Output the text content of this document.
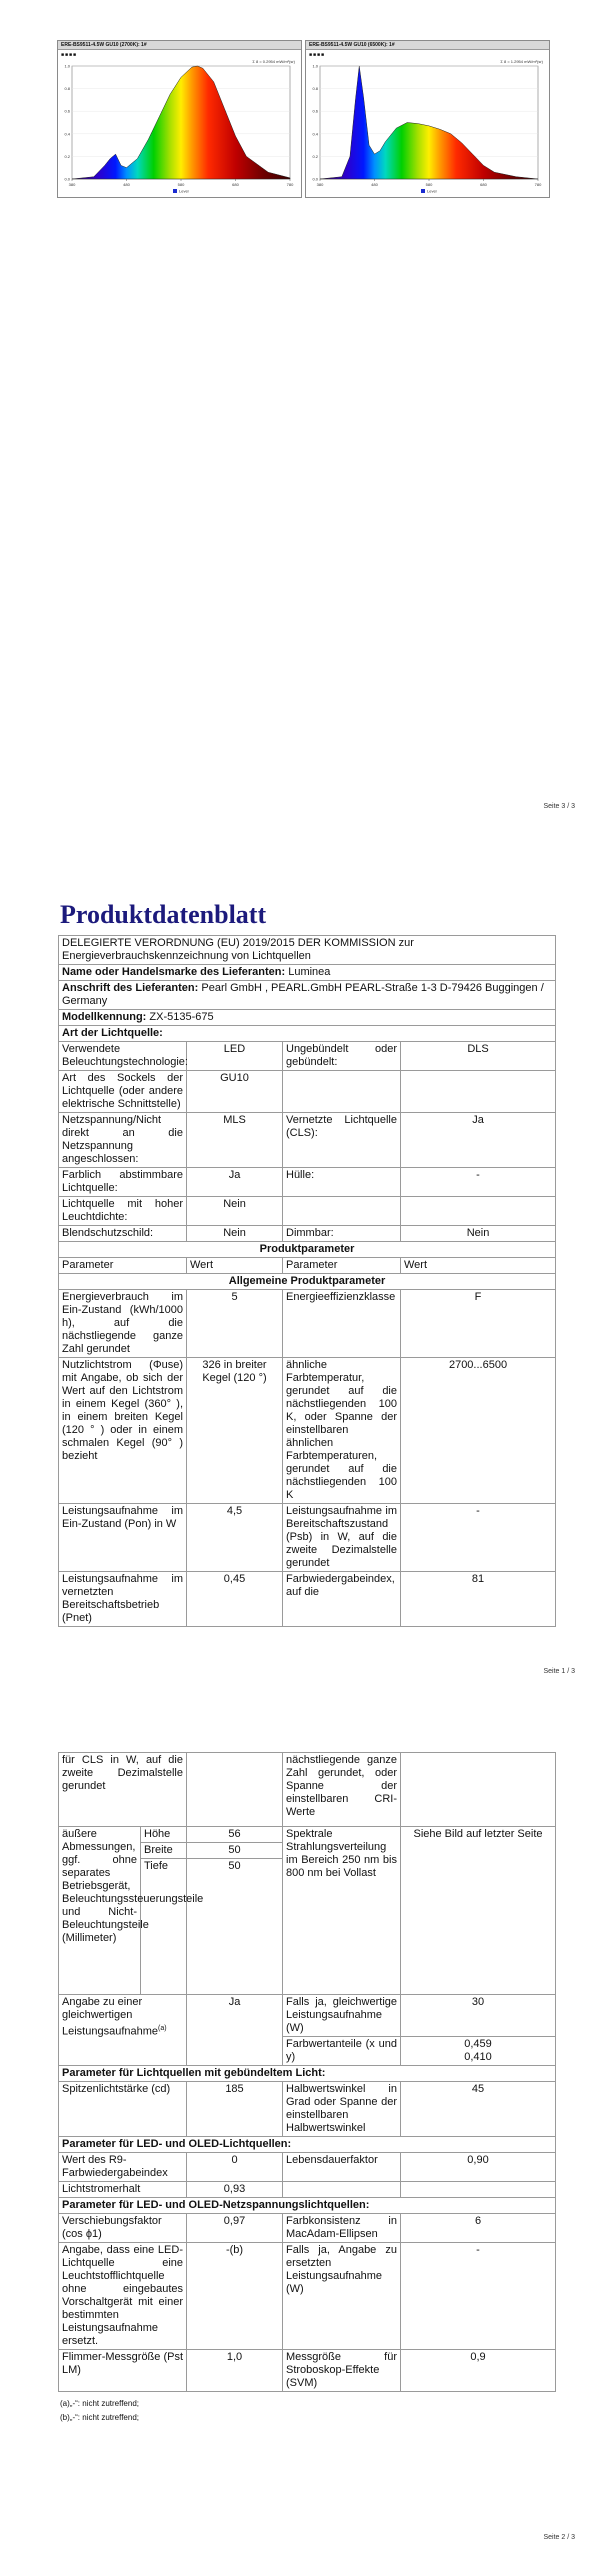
1.0
0.8
0.6
0.4
0.2
0.0
380	480	580	680	780
Level
ERE-BS9511-4.5W GU10 (2700K): 1#
■■■■
Σ 8 = 0.2954 mW/m²(sr)
1.0
0.8
0.6
0.4
0.2
0.0
380	480	580	680	780
Level
ERE-BS9511-4.5W GU10 (6500K): 1#
■■■■
Σ 8 = 1.2954 mW/m²(sr)
Seite 3 / 3
Produktdatenblatt
DELEGIERTE VERORDNUNG (EU) 2019/2015 DER KOMMISSION zur Energieverbrauchskennzeichnung von Lichtquellen			
Name oder Handelsmarke des Lieferanten: Luminea			
Anschrift des Lieferanten: Pearl GmbH , PEARL.GmbH PEARL-Straße 1-3 D-79426 Buggingen / Germany			
Modellkennung: ZX-5135-675			
Art der Lichtquelle:			
Verwendete Beleuchtungstechnologie:	LED	Ungebündelt oder gebündelt:	DLS
Art des Sockels der Lichtquelle (oder andere elektrische Schnittstelle)	GU10		
Netzspannung/Nicht direkt an die Netzspannung angeschlossen:	MLS	Vernetzte Lichtquelle (CLS):	Ja
Farblich abstimmbare Lichtquelle:	Ja	Hülle:	-
Lichtquelle mit hoher Leuchtdichte:	Nein		
Blendschutzschild:	Nein	Dimmbar:	Nein
Produktparameter			
Parameter	Wert	Parameter	Wert
Allgemeine Produktparameter			
Energieverbrauch im Ein-Zustand (kWh/1000 h), auf die nächstliegende ganze Zahl gerundet	5	Energieeffizienzklasse	F
Nutzlichtstrom (Φuse) mit Angabe, ob sich der Wert auf den Lichtstrom in einem Kegel (360° ), in einem breiten Kegel (120 ° ) oder in einem schmalen Kegel (90° ) bezieht	326 in breiter Kegel (120 °)	ähnliche Farbtemperatur, gerundet auf die nächstliegenden 100 K, oder Spanne der einstellbaren ähnlichen Farbtemperaturen, gerundet auf die nächstliegenden 100 K	2700...6500
Leistungsaufnahme im Ein-Zustand (Pon) in W	4,5	Leistungsaufnahme im Bereitschaftszustand (Psb) in W, auf die zweite Dezimalstelle gerundet	-
Leistungsaufnahme im vernetzten Bereitschaftsbetrieb (Pnet)	0,45	Farbwiedergabeindex, auf die	81
Seite 1 / 3
für CLS in W, auf die zweite Dezimalstelle gerundet			nächstliegende ganze Zahl gerundet, oder Spanne der einstellbaren CRI-Werte	
äußere Abmessungen, ggf. ohne separates Betriebsgerät, Beleuchtungssteuerungsteile und Nicht-Beleuchtungsteile (Millimeter)	Höhe	56	Spektrale Strahlungsverteilung im Bereich 250 nm bis 800 nm bei Vollast	Siehe Bild auf letzter Seite
	Breite	50		
	Tiefe	50		
Angabe zu einer gleichwertigen Leistungsaufnahme$^{(a)}$		Ja	Falls ja, gleichwertige Leistungsaufnahme (W)	30
			Farbwertanteile (x und y)	0,459
0,410

Parameter für Lichtquellen mit gebündeltem Licht:				
Spitzenlichtstärke (cd)		185	Halbwertswinkel in Grad oder Spanne der einstellbaren Halbwertswinkel	45
Parameter für LED- und OLED-Lichtquellen:				
Wert des R9-Farbwiedergabeindex		0	Lebensdauerfaktor	0,90
Lichtstromerhalt		0,93		
Parameter für LED- und OLED-Netzspannungslichtquellen:				
Verschiebungsfaktor (cos ϕ1)		0,97	Farbkonsistenz in MacAdam-Ellipsen	6
Angabe, dass eine LED-Lichtquelle eine Leuchtstofflichtquelle ohne eingebautes Vorschaltgerät mit einer bestimmten Leistungsaufnahme ersetzt.		-(b)	Falls ja, Angabe zu ersetzten Leistungsaufnahme (W)	-
Flimmer-Messgröße (Pst LM)		1,0	Messgröße für Stroboskop-Effekte (SVM)	0,9
(a)„-“: nicht zutreffend;
(b)„-“: nicht zutreffend;
Seite 2 / 3
